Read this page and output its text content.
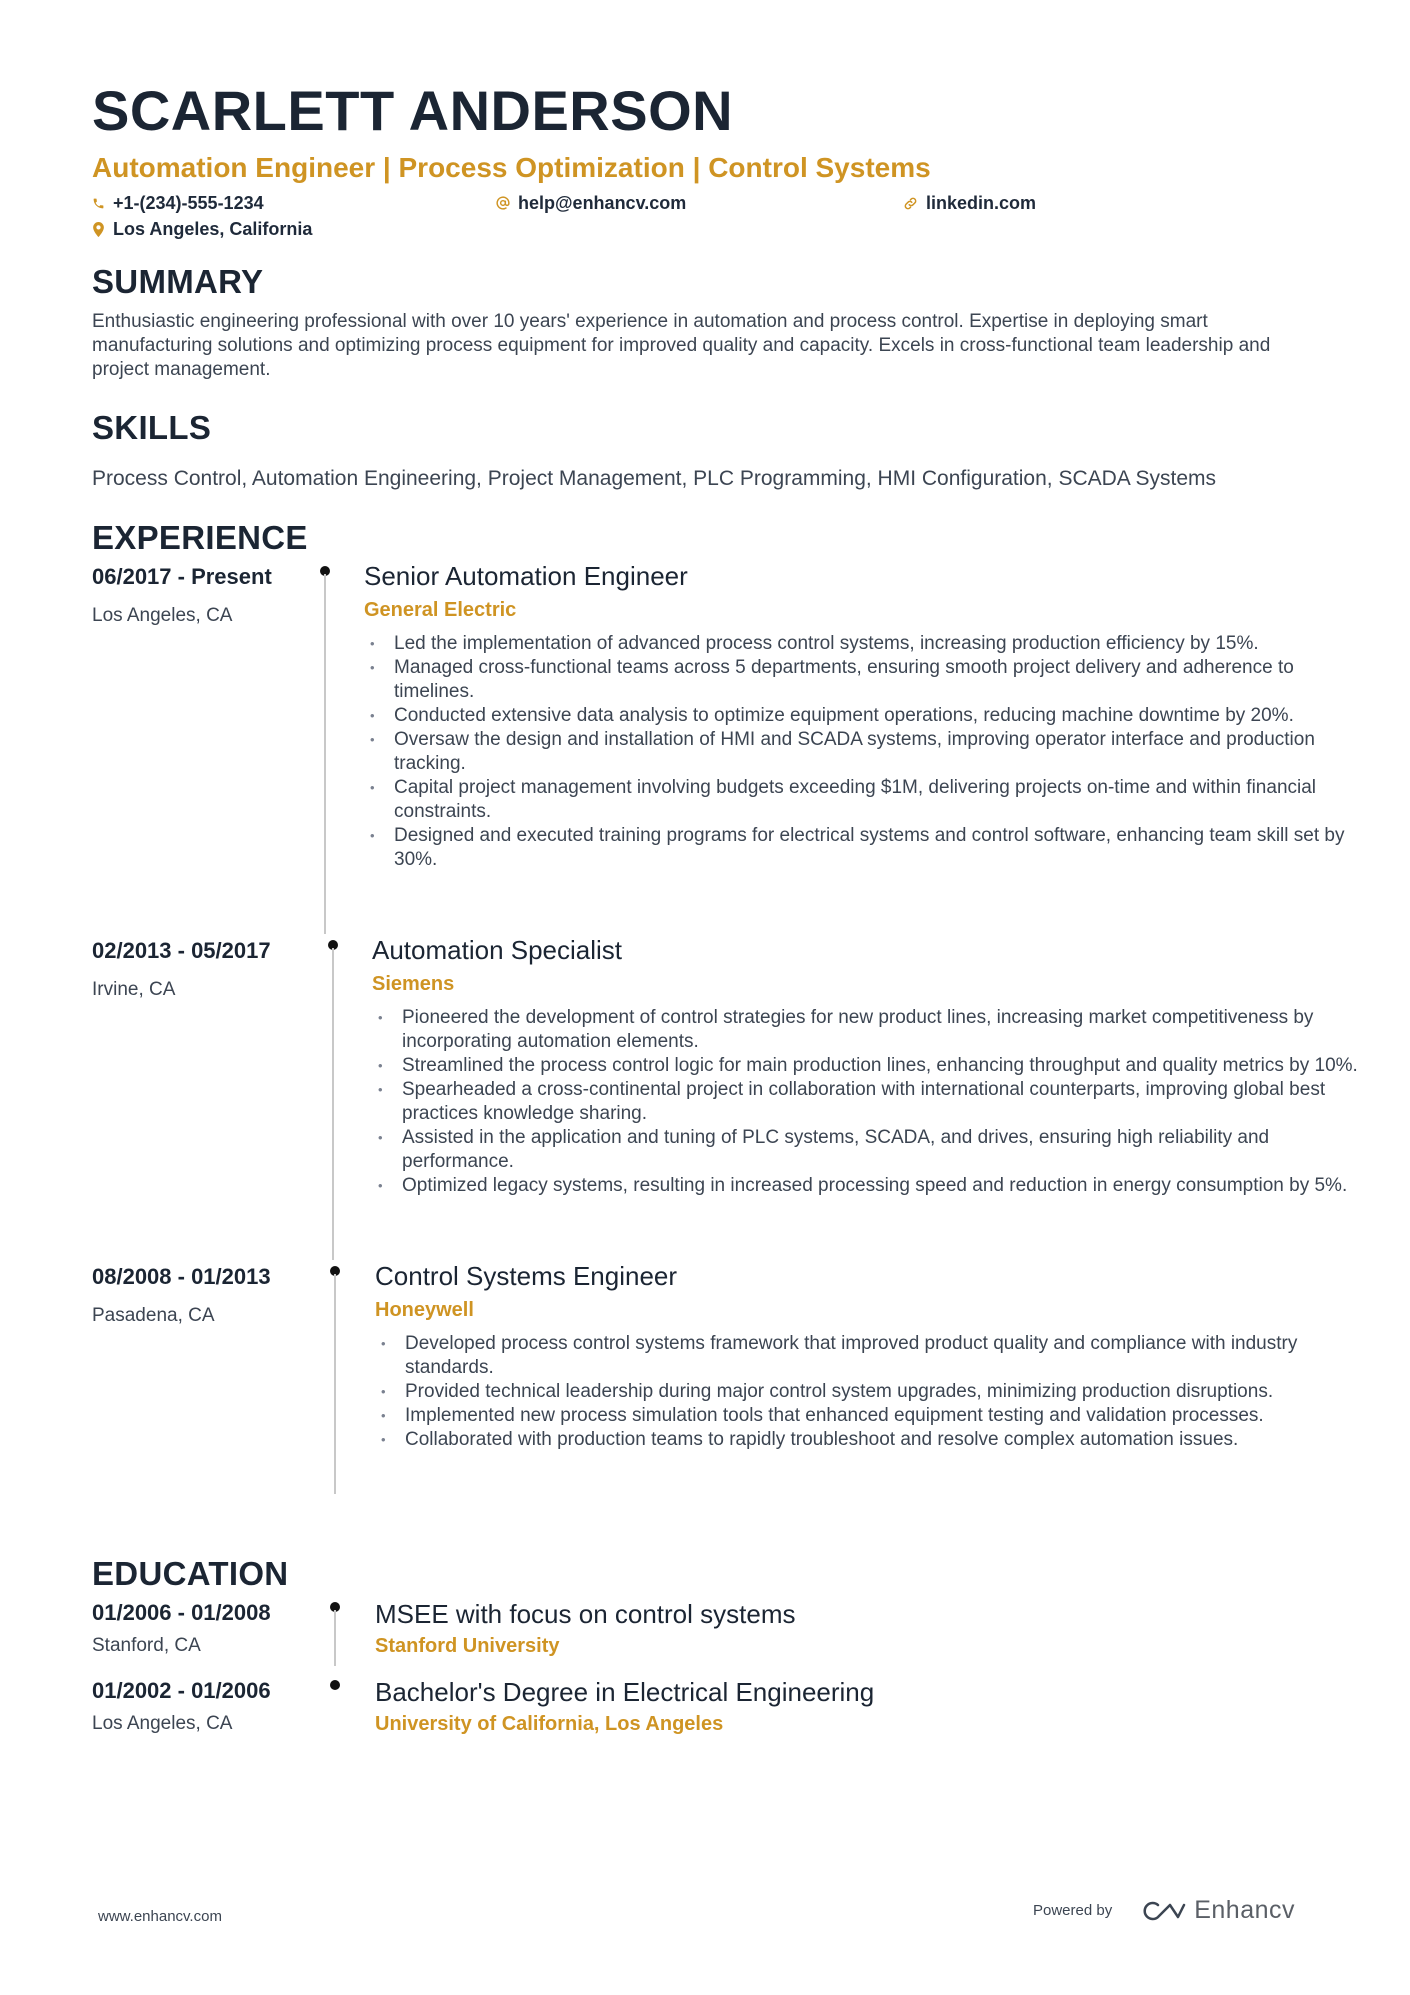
SCARLETT ANDERSON
Automation Engineer | Process Optimization | Control Systems
+1-(234)-555-1234	help@enhancv.com	linkedin.com
Los Angeles, California
SUMMARY
Enthusiastic engineering professional with over 10 years' experience in automation and process control. Expertise in deploying smart manufacturing solutions and optimizing process equipment for improved quality and capacity. Excels in cross-functional team leadership and project management.
SKILLS
Process Control, Automation Engineering, Project Management, PLC Programming, HMI Configuration, SCADA Systems
EXPERIENCE
06/2017 - Present
Los Angeles, CA
Senior Automation Engineer
General Electric
• Led the implementation of advanced process control systems, increasing production efficiency by 15%.
• Managed cross-functional teams across 5 departments, ensuring smooth project delivery and adherence to timelines.
• Conducted extensive data analysis to optimize equipment operations, reducing machine downtime by 20%.
• Oversaw the design and installation of HMI and SCADA systems, improving operator interface and production tracking.
• Capital project management involving budgets exceeding $1M, delivering projects on-time and within financial constraints.
• Designed and executed training programs for electrical systems and control software, enhancing team skill set by 30%.
02/2013 - 05/2017
Irvine, CA
Automation Specialist
Siemens
• Pioneered the development of control strategies for new product lines, increasing market competitiveness by incorporating automation elements.
• Streamlined the process control logic for main production lines, enhancing throughput and quality metrics by 10%.
• Spearheaded a cross-continental project in collaboration with international counterparts, improving global best practices knowledge sharing.
• Assisted in the application and tuning of PLC systems, SCADA, and drives, ensuring high reliability and performance.
• Optimized legacy systems, resulting in increased processing speed and reduction in energy consumption by 5%.
08/2008 - 01/2013
Pasadena, CA
Control Systems Engineer
Honeywell
• Developed process control systems framework that improved product quality and compliance with industry standards.
• Provided technical leadership during major control system upgrades, minimizing production disruptions.
• Implemented new process simulation tools that enhanced equipment testing and validation processes.
• Collaborated with production teams to rapidly troubleshoot and resolve complex automation issues.
EDUCATION
01/2006 - 01/2008
Stanford, CA
MSEE with focus on control systems
Stanford University
01/2002 - 01/2006
Los Angeles, CA
Bachelor's Degree in Electrical Engineering
University of California, Los Angeles
www.enhancv.com	Powered by	Enhancv
